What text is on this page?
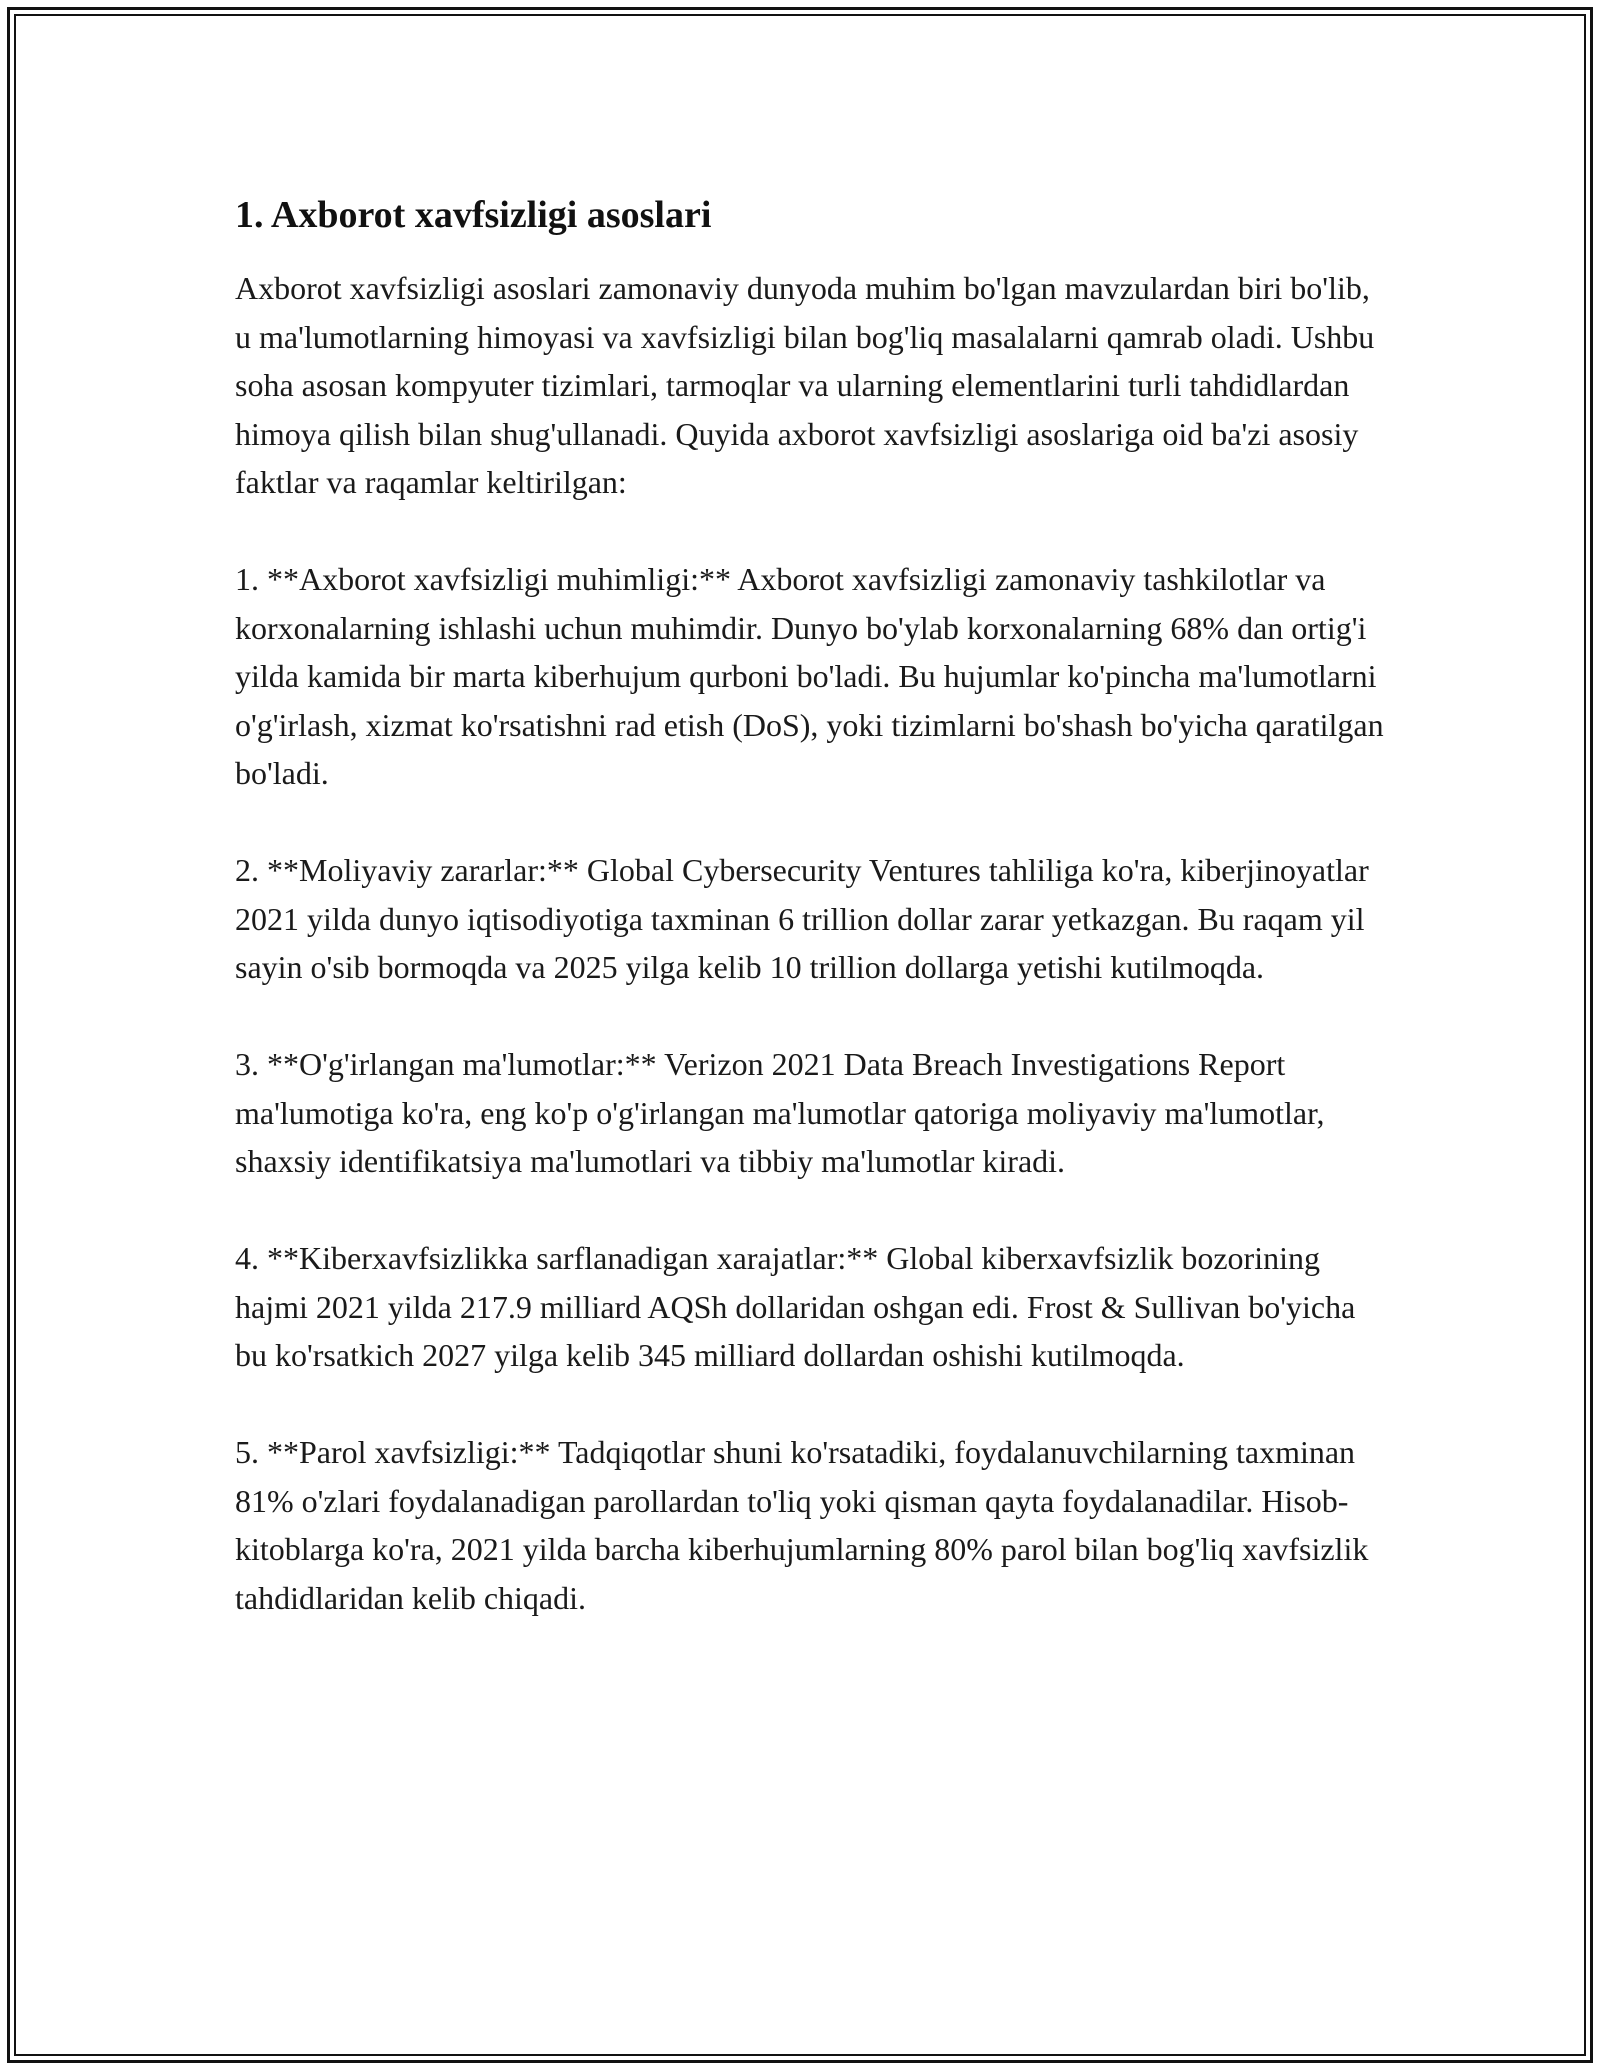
1. Axborot xavfsizligi asoslari

Axborot xavfsizligi asoslari zamonaviy dunyoda muhim bo'lgan mavzulardan biri bo'lib, u ma'lumotlarning himoyasi va xavfsizligi bilan bog'liq masalalarni qamrab oladi. Ushbu soha asosan kompyuter tizimlari, tarmoqlar va ularning elementlarini turli tahdidlardan himoya qilish bilan shug'ullanadi. Quyida axborot xavfsizligi asoslariga oid ba'zi asosiy faktlar va raqamlar keltirilgan:

1. **Axborot xavfsizligi muhimligi:** Axborot xavfsizligi zamonaviy tashkilotlar va korxonalarning ishlashi uchun muhimdir. Dunyo bo'ylab korxonalarning 68% dan ortig'i yilda kamida bir marta kiberhujum qurboni bo'ladi. Bu hujumlar ko'pincha ma'lumotlarni o'g'irlash, xizmat ko'rsatishni rad etish (DoS), yoki tizimlarni bo'shash bo'yicha qaratilgan bo'ladi.

2. **Moliyaviy zararlar:** Global Cybersecurity Ventures tahliliga ko'ra, kiberjinoyatlar 2021 yilda dunyo iqtisodiyotiga taxminan 6 trillion dollar zarar yetkazgan. Bu raqam yil sayin o'sib bormoqda va 2025 yilga kelib 10 trillion dollarga yetishi kutilmoqda.

3. **O'g'irlangan ma'lumotlar:** Verizon 2021 Data Breach Investigations Report ma'lumotiga ko'ra, eng ko'p o'g'irlangan ma'lumotlar qatoriga moliyaviy ma'lumotlar, shaxsiy identifikatsiya ma'lumotlari va tibbiy ma'lumotlar kiradi.

4. **Kiberxavfsizlikka sarflanadigan xarajatlar:** Global kiberxavfsizlik bozorining hajmi 2021 yilda 217.9 milliard AQSh dollaridan oshgan edi. Frost & Sullivan bo'yicha bu ko'rsatkich 2027 yilga kelib 345 milliard dollardan oshishi kutilmoqda.

5. **Parol xavfsizligi:** Tadqiqotlar shuni ko'rsatadiki, foydalanuvchilarning taxminan 81% o'zlari foydalanadigan parollardan to'liq yoki qisman qayta foydalanadilar. Hisob-kitoblarga ko'ra, 2021 yilda barcha kiberhujumlarning 80% parol bilan bog'liq xavfsizlik tahdidlaridan kelib chiqadi.
